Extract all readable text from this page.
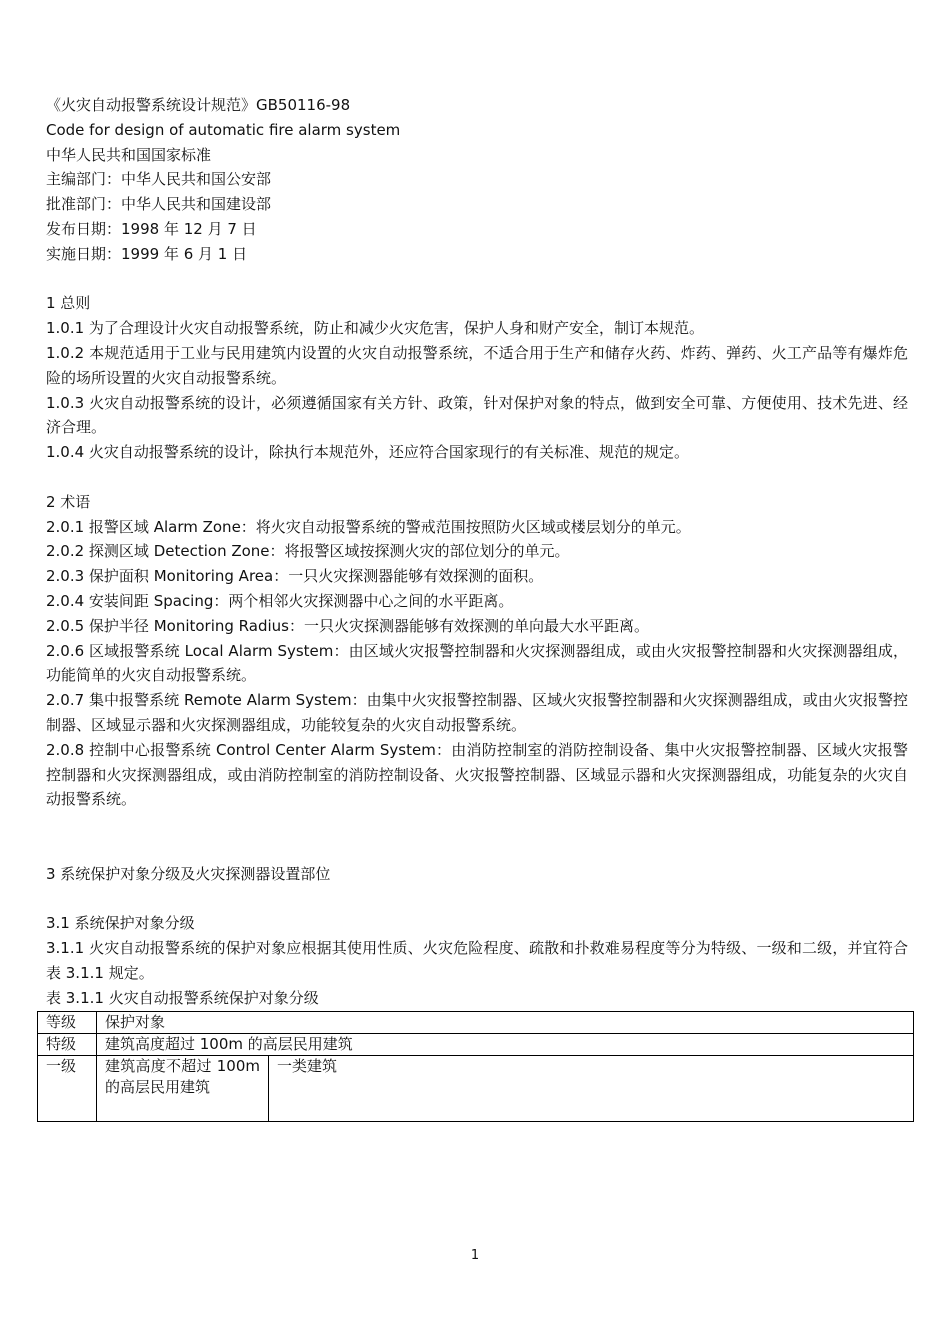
《火灾自动报警系统设计规范》GB50116-98
Code for design of automatic fire alarm system
中华人民共和国国家标准
主编部门：中华人民共和国公安部
批准部门：中华人民共和国建设部
发布日期：1998 年 12 月 7 日
实施日期：1999 年 6 月 1 日
1 总则
1.0.1 为了合理设计火灾自动报警系统，防止和减少火灾危害，保护人身和财产安全，制订本规范。
1.0.2 本规范适用于工业与民用建筑内设置的火灾自动报警系统，不适合用于生产和储存火药、炸药、弹药、火工产品等有爆炸危险的场所设置的火灾自动报警系统。
1.0.3 火灾自动报警系统的设计，必须遵循国家有关方针、政策，针对保护对象的特点，做到安全可靠、方便使用、技术先进、经济合理。
1.0.4 火灾自动报警系统的设计，除执行本规范外，还应符合国家现行的有关标准、规范的规定。
2 术语
2.0.1 报警区域 Alarm Zone：将火灾自动报警系统的警戒范围按照防火区域或楼层划分的单元。
2.0.2 探测区域 Detection Zone：将报警区域按探测火灾的部位划分的单元。
2.0.3 保护面积 Monitoring Area：一只火灾探测器能够有效探测的面积。
2.0.4 安装间距 Spacing：两个相邻火灾探测器中心之间的水平距离。
2.0.5 保护半径 Monitoring Radius：一只火灾探测器能够有效探测的单向最大水平距离。
2.0.6 区域报警系统 Local Alarm System：由区域火灾报警控制器和火灾探测器组成，或由火灾报警控制器和火灾探测器组成，功能简单的火灾自动报警系统。
2.0.7 集中报警系统 Remote Alarm System：由集中火灾报警控制器、区域火灾报警控制器和火灾探测器组成，或由火灾报警控制器、区域显示器和火灾探测器组成，功能较复杂的火灾自动报警系统。
2.0.8 控制中心报警系统 Control Center Alarm System：由消防控制室的消防控制设备、集中火灾报警控制器、区域火灾报警控制器和火灾探测器组成，或由消防控制室的消防控制设备、火灾报警控制器、区域显示器和火灾探测器组成，功能复杂的火灾自动报警系统。
3 系统保护对象分级及火灾探测器设置部位
3.1 系统保护对象分级
3.1.1 火灾自动报警系统的保护对象应根据其使用性质、火灾危险程度、疏散和扑救难易程度等分为特级、一级和二级，并宜符合表 3.1.1 规定。
表 3.1.1 火灾自动报警系统保护对象分级
等级	保护对象	
特级	建筑高度超过 100m 的高层民用建筑	
一级	建筑高度不超过 100m 的高层民用建筑	一类建筑
1
